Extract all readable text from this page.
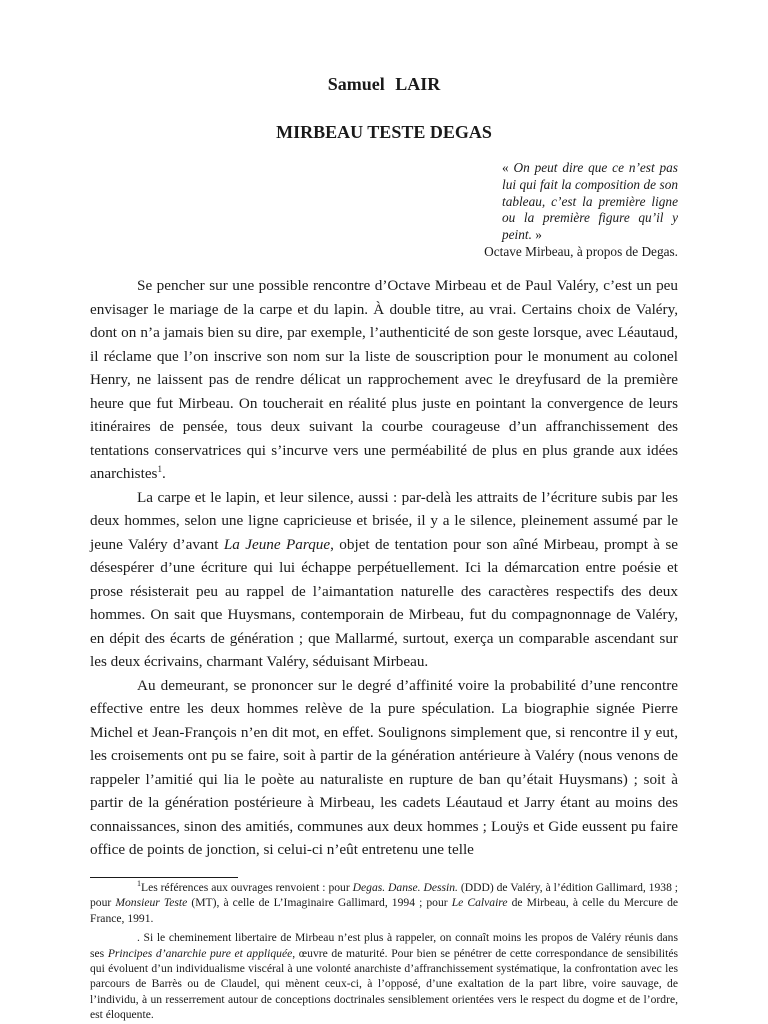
Samuel LAIR
MIRBEAU TESTE DEGAS
« On peut dire que ce n’est pas lui qui fait la composition de son tableau, c’est la première ligne ou la première figure qu’il y peint. »
Octave Mirbeau, à propos de Degas.

Se pencher sur une possible rencontre d’Octave Mirbeau et de Paul Valéry, c’est un peu envisager le mariage de la carpe et du lapin. À double titre, au vrai. Certains choix de Valéry, dont on n’a jamais bien su dire, par exemple, l’authenticité de son geste lorsque, avec Léautaud, il réclame que l’on inscrive son nom sur la liste de souscription pour le monument au colonel Henry, ne laissent pas de rendre délicat un rapprochement avec le dreyfusard de la première heure que fut Mirbeau. On toucherait en réalité plus juste en pointant la convergence de leurs itinéraires de pensée, tous deux suivant la courbe courageuse d’un affranchissement des tentations conservatrices qui s’incurve vers une perméabilité de plus en plus grande aux idées anarchistes$^1$.

La carpe et le lapin, et leur silence, aussi : par-delà les attraits de l’écriture subis par les deux hommes, selon une ligne capricieuse et brisée, il y a le silence, pleinement assumé par le jeune Valéry d’avant La Jeune Parque, objet de tentation pour son aîné Mirbeau, prompt à se désespérer d’une écriture qui lui échappe perpétuellement. Ici la démarcation entre poésie et prose résisterait peu au rappel de l’aimantation naturelle des caractères respectifs des deux hommes. On sait que Huysmans, contemporain de Mirbeau, fut du compagnonnage de Valéry, en dépit des écarts de génération ; que Mallarmé, surtout, exerça un comparable ascendant sur les deux écrivains, charmant Valéry, séduisant Mirbeau.

Au demeurant, se prononcer sur le degré d’affinité voire la probabilité d’une rencontre effective entre les deux hommes relève de la pure spéculation. La biographie signée Pierre Michel et Jean-François n’en dit mot, en effet. Soulignons simplement que, si rencontre il y eut, les croisements ont pu se faire, soit à partir de la génération antérieure à Valéry (nous venons de rappeler l’amitié qui lia le poète au naturaliste en rupture de ban qu’était Huysmans) ; soit à partir de la génération postérieure à Mirbeau, les cadets Léautaud et Jarry étant au moins des connaissances, sinon des amitiés, communes aux deux hommes ; Louÿs et Gide eussent pu faire office de points de jonction, si celui-ci n’eût entretenu une telle

$^1$Les références aux ouvrages renvoient : pour Degas. Danse. Dessin. (DDD) de Valéry, à l’édition Gallimard, 1938 ; pour Monsieur Teste (MT), à celle de L’Imaginaire Gallimard, 1994 ; pour Le Calvaire de Mirbeau, à celle du Mercure de France, 1991.

. Si le cheminement libertaire de Mirbeau n’est plus à rappeler, on connaît moins les propos de Valéry réunis dans ses Principes d’anarchie pure et appliquée, œuvre de maturité. Pour bien se pénétrer de cette correspondance de sensibilités qui évoluent d’un individualisme viscéral à une volonté anarchiste d’affranchissement systématique, la confrontation avec les parcours de Barrès ou de Claudel, qui mènent ceux-ci, à l’opposé, d’une exaltation de la part libre, voire sauvage, de l’individu, à un resserrement autour de conceptions doctrinales sensiblement orientées vers le respect du dogme et de l’ordre, est éloquente.
